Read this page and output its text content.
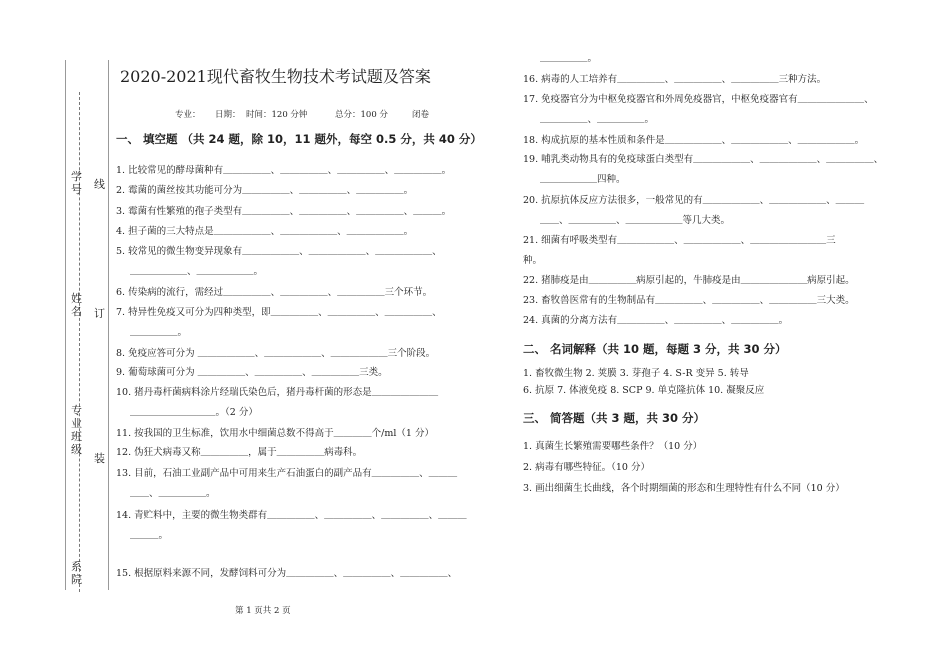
学号
姓名
专业班级
系院
线
订
装
2020-2021现代畜牧生物技术考试题及答案
专业： 日期： 时间：120 分钟	总分：100 分	闭卷
一、 填空题 （共 24 题，除 10，11 题外，每空 0.5 分，共 40 分）
1. 比较常见的酵母菌种有＿＿＿＿＿、＿＿＿＿＿、＿＿＿＿＿、＿＿＿＿＿。
2. 霉菌的菌丝按其功能可分为＿＿＿＿＿、＿＿＿＿＿、＿＿＿＿＿。
3. 霉菌有性繁殖的孢子类型有＿＿＿＿＿、＿＿＿＿＿、＿＿＿＿＿、＿＿＿。
4. 担子菌的三大特点是＿＿＿＿＿＿、＿＿＿＿＿＿、＿＿＿＿＿＿。
5. 较常见的微生物变异现象有＿＿＿＿＿＿、＿＿＿＿＿＿、＿＿＿＿＿＿、
＿＿＿＿＿＿、＿＿＿＿＿＿。
6. 传染病的流行，需经过＿＿＿＿＿、＿＿＿＿＿、＿＿＿＿＿三个环节。
7. 特异性免疫又可分为四种类型，即＿＿＿＿＿、＿＿＿＿＿、＿＿＿＿＿、
＿＿＿＿＿。
8. 免疫应答可分为 ＿＿＿＿＿＿、＿＿＿＿＿＿、＿＿＿＿＿＿三个阶段。
9. 葡萄球菌可分为 ＿＿＿＿＿、＿＿＿＿＿、＿＿＿＿＿三类。
10. 猪丹毒杆菌病料涂片经瑞氏染色后，猪丹毒杆菌的形态是＿＿＿＿＿＿＿
＿＿＿＿＿＿＿＿＿。（2 分）
11. 按我国的卫生标准，饮用水中细菌总数不得高于＿＿＿＿个/ml（1 分）
12. 伪狂犬病毒又称＿＿＿＿＿，属于＿＿＿＿＿病毒科。
13. 目前，石油工业副产品中可用来生产石油蛋白的副产品有＿＿＿＿＿、＿＿＿
＿＿、＿＿＿＿＿。
14. 青贮料中，主要的微生物类群有＿＿＿＿＿、＿＿＿＿＿、＿＿＿＿＿、＿＿＿
＿＿＿。
15. 根据原料来源不同，发酵饲料可分为＿＿＿＿＿、＿＿＿＿＿、＿＿＿＿＿、
第 1 页共 2 页
＿＿＿＿＿。
16. 病毒的人工培养有＿＿＿＿＿、＿＿＿＿＿、＿＿＿＿＿三种方法。
17. 免疫器官分为中枢免疫器官和外周免疫器官，中枢免疫器官有＿＿＿＿＿＿＿、
＿＿＿＿＿、＿＿＿＿＿。
18. 构成抗原的基本性质和条件是＿＿＿＿＿＿、＿＿＿＿＿＿、＿＿＿＿＿＿。
19. 哺乳类动物具有的免疫球蛋白类型有＿＿＿＿＿＿、＿＿＿＿＿＿、＿＿＿＿＿、
＿＿＿＿＿＿四种。
20. 抗原抗体反应方法很多，一般常见的有＿＿＿＿＿＿、＿＿＿＿＿＿、＿＿＿
＿＿、＿＿＿＿＿、＿＿＿＿＿＿等几大类。
21. 细菌有呼吸类型有＿＿＿＿＿＿、＿＿＿＿＿＿、＿＿＿＿＿＿＿＿三
种。
22. 猪肺疫是由＿＿＿＿＿病原引起的，牛肺疫是由＿＿＿＿＿＿＿病原引起。
23. 畜牧兽医常有的生物制品有＿＿＿＿＿、＿＿＿＿＿、＿＿＿＿＿三大类。
24. 真菌的分离方法有＿＿＿＿＿、＿＿＿＿＿、＿＿＿＿＿。
二、 名词解释（共 10 题，每题 3 分，共 30 分）
1. 畜牧微生物 2. 荚膜 3. 芽孢子 4. S-R 变异 5. 转导
6. 抗原 7. 体液免疫 8. SCP 9. 单克隆抗体 10. 凝聚反应
三、 简答题（共 3 题，共 30 分）
1. 真菌生长繁殖需要哪些条件？（10 分）
2. 病毒有哪些特征。（10 分）
3. 画出细菌生长曲线，各个时期细菌的形态和生理特性有什么不同（10 分）
